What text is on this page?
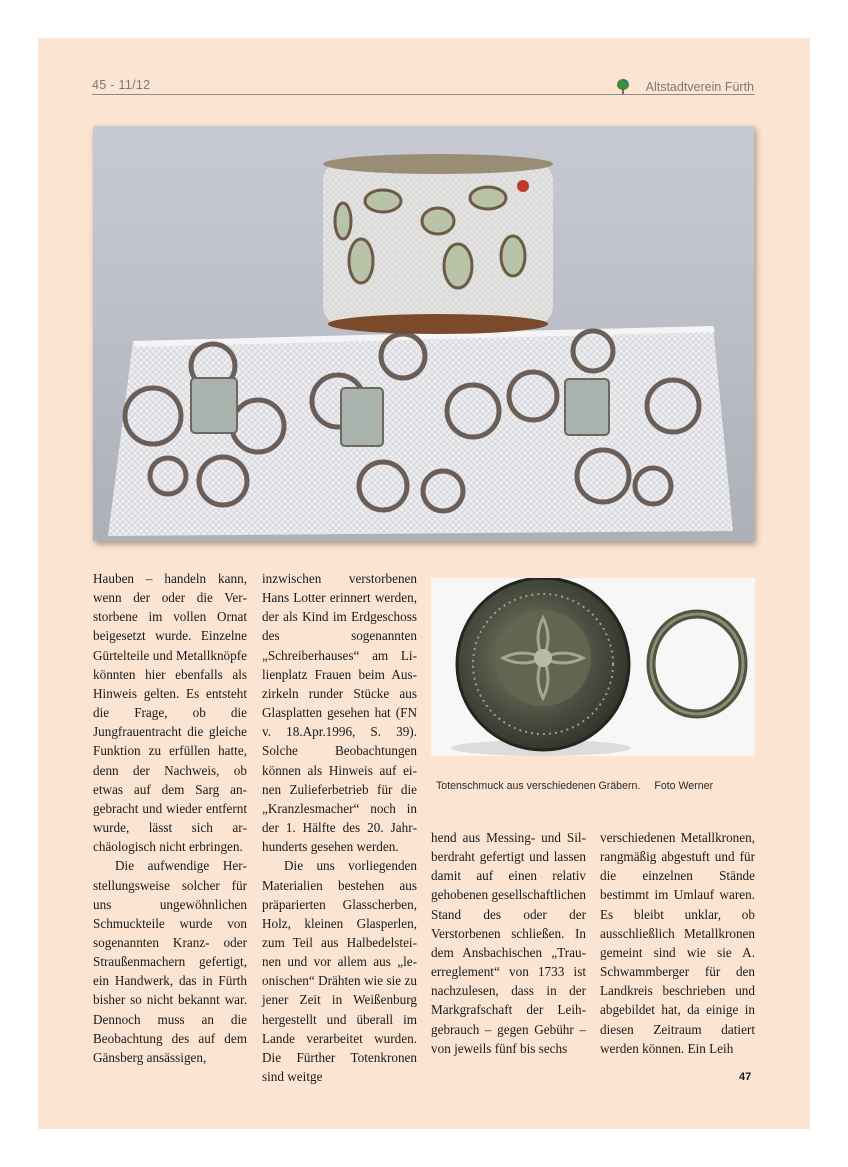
45 - 11/12	Altstadtverein Fürth
Totenschmuck aus verschiedenen Gräbern. Foto Werner

Hauben – handeln kann, wenn der oder die Verstorbene im vollen Ornat beigesetzt wurde. Einzelne Gürtelteile und Metallknöpfe könnten hier ebenfalls als Hinweis gelten. Es entsteht die Frage, ob die Jungfrauentracht die gleiche Funktion zu erfüllen hatte, denn der Nachweis, ob etwas auf dem Sarg angebracht und wieder entfernt wurde, lässt sich archäologisch nicht erbringen.

Die aufwendige Herstellungsweise solcher für uns ungewöhnlichen Schmuckteile wurde von sogenannten Kranz- oder Straußenmachern gefertigt, ein Handwerk, das in Fürth bisher so nicht bekannt war. Dennoch muss an die Beobachtung des auf dem Gänsberg ansässigen,

inzwischen verstorbenen Hans Lotter erinnert werden, der als Kind im Erdgeschoss des sogenannten „Schreiberhauses“ am Lilienplatz Frauen beim Auszirkeln runder Stücke aus Glasplatten gesehen hat (FN v. 18.Apr.1996, S. 39). Solche Beobachtungen können als Hinweis auf einen Zulieferbetrieb für die „Kranzlesmacher“ noch in der 1. Hälfte des 20. Jahrhunderts gesehen werden.

Die uns vorliegenden Materialien bestehen aus präparierten Glasscherben, Holz, kleinen Glasperlen, zum Teil aus Halbedelsteinen und vor allem aus „leonischen“ Drähten wie sie zu jener Zeit in Weißenburg hergestellt und überall im Lande verarbeitet wurden. Die Fürther Totenkronen sind weitge

hend aus Messing- und Silberdraht gefertigt und lassen damit auf einen relativ gehobenen gesellschaftlichen Stand des oder der Verstorbenen schließen. In dem Ansbachischen „Trauerreglement“ von 1733 ist nachzulesen, dass in der Markgrafschaft der Leihgebrauch – gegen Gebühr – von jeweils fünf bis sechs

verschiedenen Metallkronen, rangmäßig abgestuft und für die einzelnen Stände bestimmt im Umlauf waren. Es bleibt unklar, ob ausschließlich Metallkronen gemeint sind wie sie A. Schwammberger für den Landkreis beschrieben und abgebildet hat, da einige in diesen Zeitraum datiert werden können. Ein Leih

47
